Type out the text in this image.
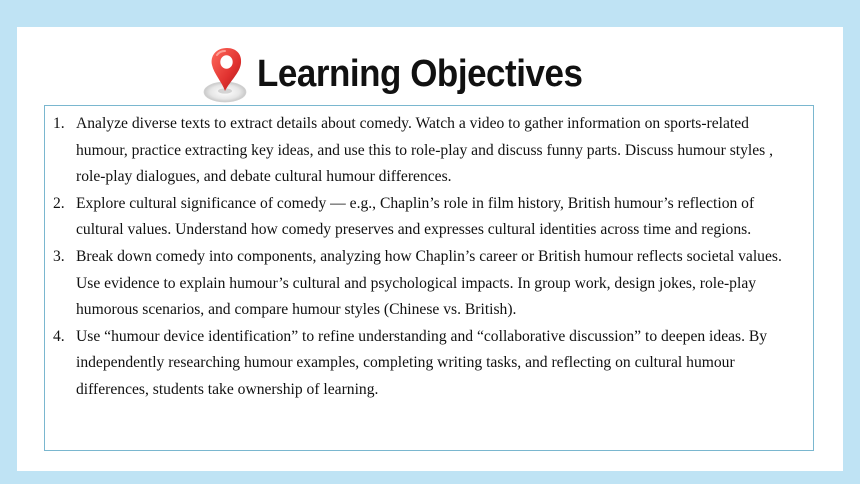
Learning Objectives
1. Analyze diverse texts to extract details about comedy. Watch a video to gather information on sports-related humour, practice extracting key ideas, and use this to role-play and discuss funny parts. Discuss humour styles , role-play dialogues, and debate cultural humour differences.
2. Explore cultural significance of comedy — e.g., Chaplin’s role in film history, British humour’s reflection of cultural values. Understand how comedy preserves and expresses cultural identities across time and regions.
3. Break down comedy into components, analyzing how Chaplin’s career or British humour reflects societal values. Use evidence to explain humour’s cultural and psychological impacts. In group work, design jokes, role-play humorous scenarios, and compare humour styles (Chinese vs. British).
4. Use “humour device identification” to refine understanding and “collaborative discussion” to deepen ideas. By independently researching humour examples, completing writing tasks, and reflecting on cultural humour differences, students take ownership of learning.
